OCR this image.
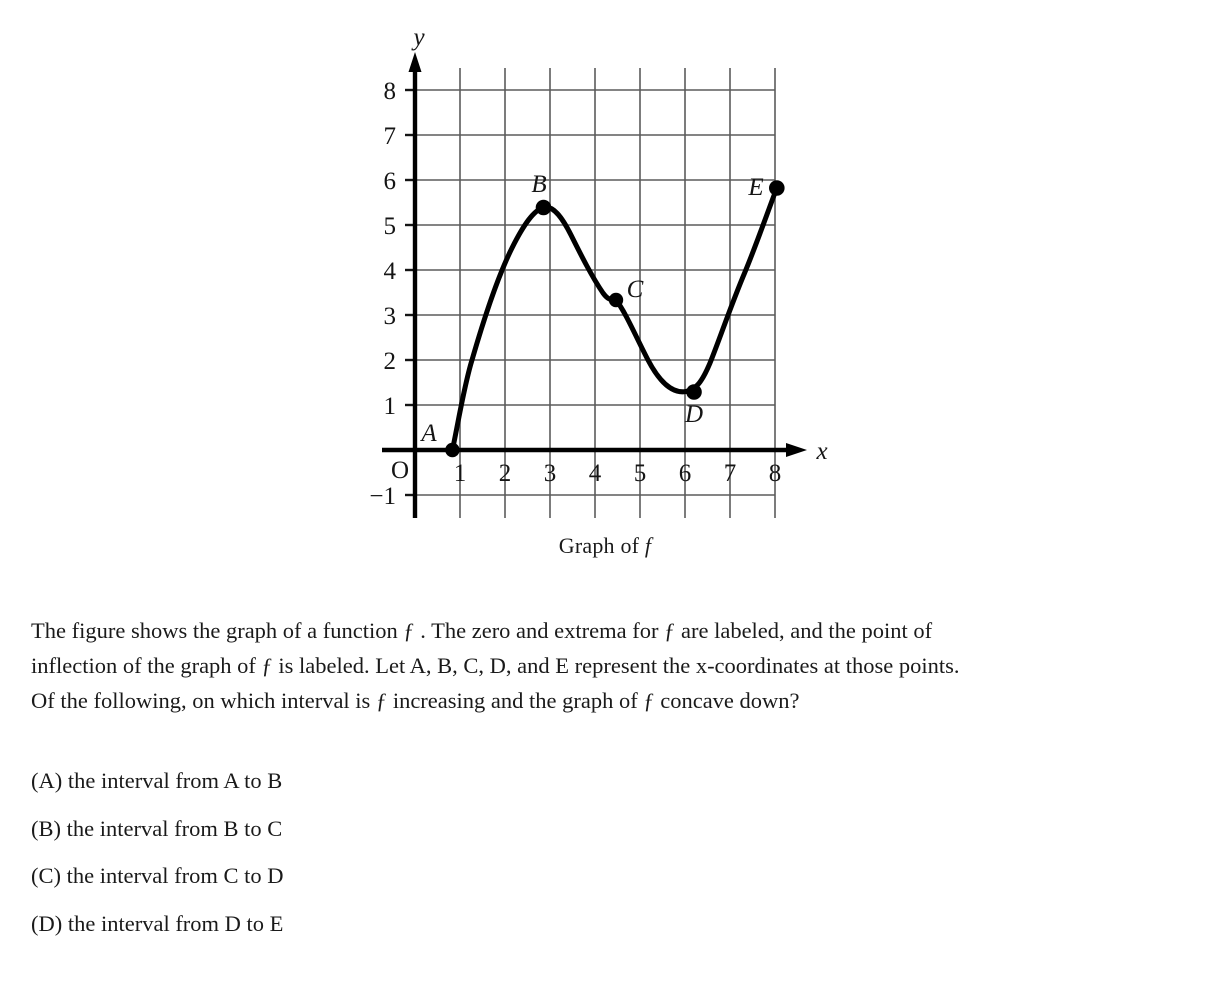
A
B
C
D
E
y
x
O
8
7
6
5
4
3
2
1
−1
1 2 3 4 5 6 7 8
Graph of f
The figure shows the graph of a function ƒ . The zero and extrema for ƒ are labeled, and the point of
inflection of the graph of ƒ is labeled. Let A, B, C, D, and E represent the x‑coordinates at those points.
Of the following, on which interval is ƒ increasing and the graph of ƒ concave down?
(A) the interval from A to B
(B) the interval from B to C
(C) the interval from C to D
(D) the interval from D to E
